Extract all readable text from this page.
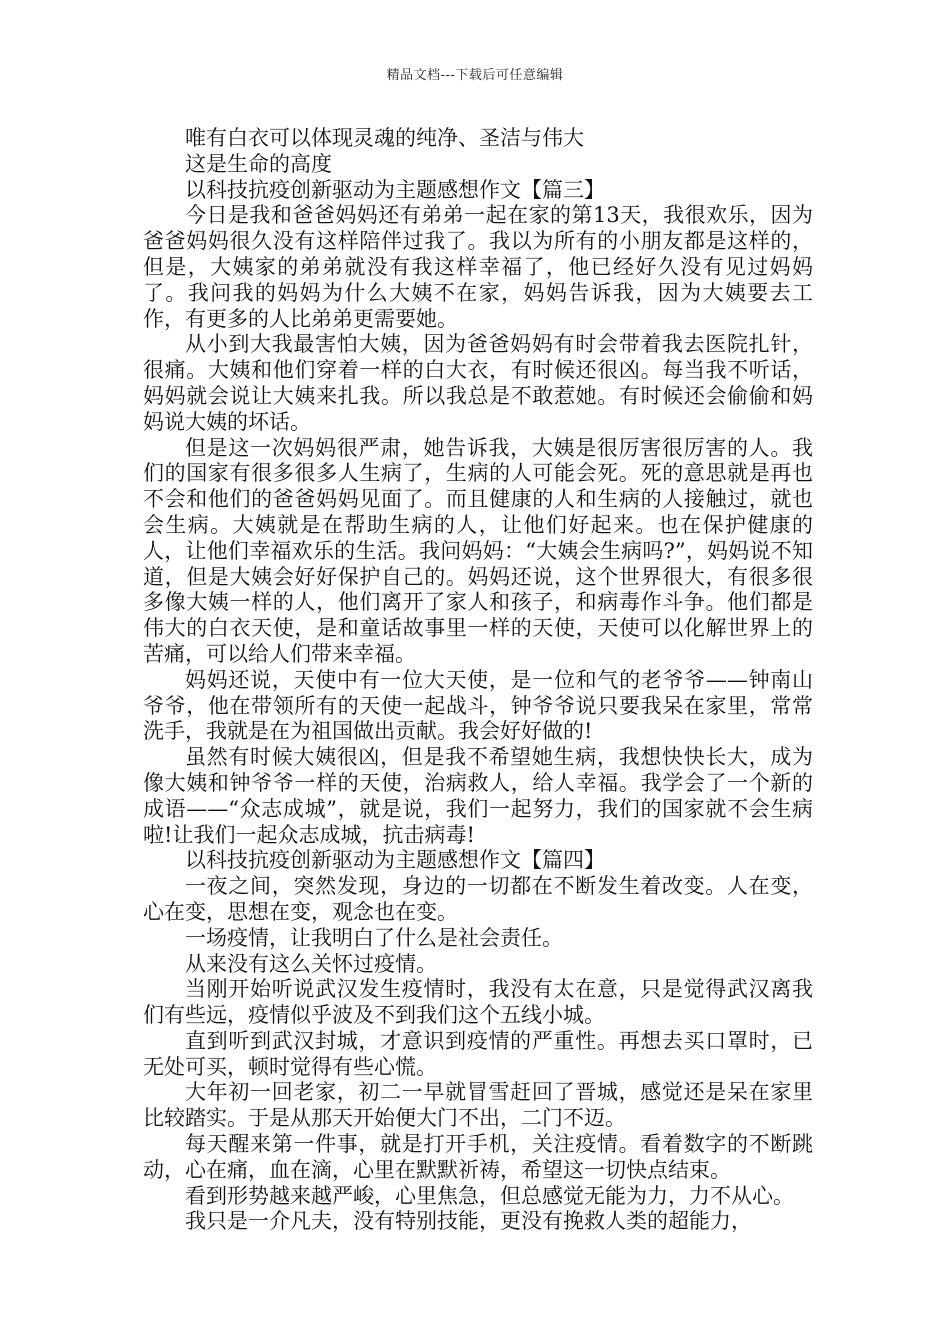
精品文档---下载后可任意编辑

唯有白衣可以体现灵魂的纯净、圣洁与伟大

这是生命的高度

以科技抗疫创新驱动为主题感想作文【篇三】

今日是我和爸爸妈妈还有弟弟一起在家的第13天，我很欢乐，因为爸爸妈妈很久没有这样陪伴过我了。我以为所有的小朋友都是这样的，但是，大姨家的弟弟就没有我这样幸福了，他已经好久没有见过妈妈了。我问我的妈妈为什么大姨不在家，妈妈告诉我，因为大姨要去工作，有更多的人比弟弟更需要她。

从小到大我最害怕大姨，因为爸爸妈妈有时会带着我去医院扎针，很痛。大姨和他们穿着一样的白大衣，有时候还很凶。每当我不听话，妈妈就会说让大姨来扎我。所以我总是不敢惹她。有时候还会偷偷和妈妈说大姨的坏话。

但是这一次妈妈很严肃，她告诉我，大姨是很厉害很厉害的人。我们的国家有很多很多人生病了，生病的人可能会死。死的意思就是再也不会和他们的爸爸妈妈见面了。而且健康的人和生病的人接触过，就也会生病。大姨就是在帮助生病的人，让他们好起来。也在保护健康的人，让他们幸福欢乐的生活。我问妈妈：“大姨会生病吗?”，妈妈说不知道，但是大姨会好好保护自己的。妈妈还说，这个世界很大，有很多很多像大姨一样的人，他们离开了家人和孩子，和病毒作斗争。他们都是伟大的白衣天使，是和童话故事里一样的天使，天使可以化解世界上的苦痛，可以给人们带来幸福。

妈妈还说，天使中有一位大天使，是一位和气的老爷爷——钟南山爷爷，他在带领所有的天使一起战斗，钟爷爷说只要我呆在家里，常常洗手，我就是在为祖国做出贡献。我会好好做的!

虽然有时候大姨很凶，但是我不希望她生病，我想快快长大，成为像大姨和钟爷爷一样的天使，治病救人，给人幸福。我学会了一个新的成语——“众志成城”，就是说，我们一起努力，我们的国家就不会生病啦!让我们一起众志成城，抗击病毒!

以科技抗疫创新驱动为主题感想作文【篇四】

一夜之间，突然发现，身边的一切都在不断发生着改变。人在变，心在变，思想在变，观念也在变。

一场疫情，让我明白了什么是社会责任。

从来没有这么关怀过疫情。

当刚开始听说武汉发生疫情时，我没有太在意，只是觉得武汉离我们有些远，疫情似乎波及不到我们这个五线小城。

直到听到武汉封城，才意识到疫情的严重性。再想去买口罩时，已无处可买，顿时觉得有些心慌。

大年初一回老家，初二一早就冒雪赶回了晋城，感觉还是呆在家里比较踏实。于是从那天开始便大门不出，二门不迈。

每天醒来第一件事，就是打开手机，关注疫情。看着数字的不断跳动，心在痛，血在滴，心里在默默祈祷，希望这一切快点结束。

看到形势越来越严峻，心里焦急，但总感觉无能为力，力不从心。

我只是一介凡夫，没有特别技能，更没有挽救人类的超能力，
